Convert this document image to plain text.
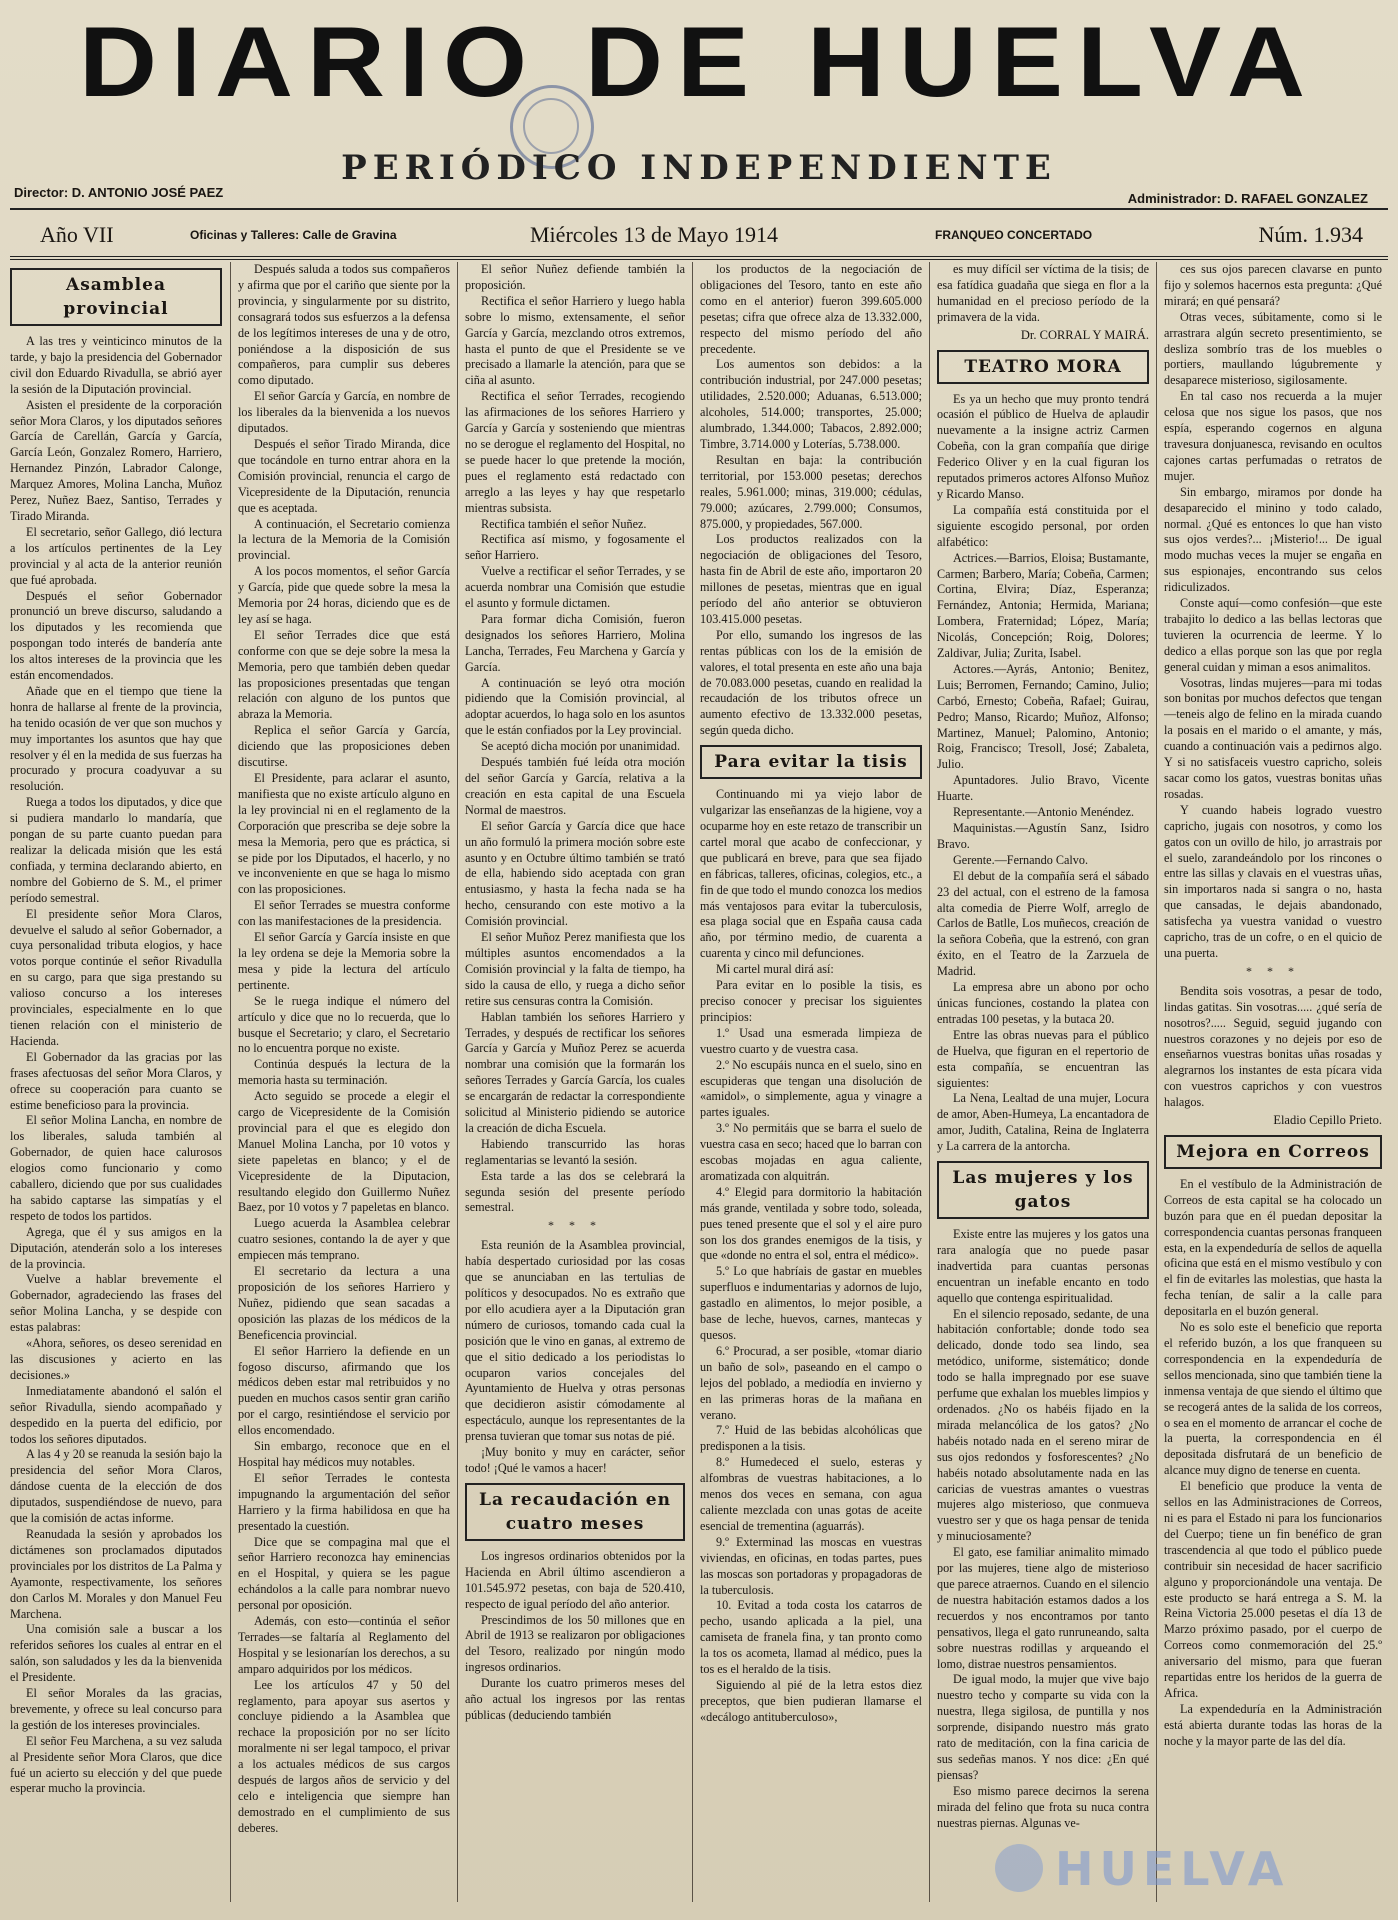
DIARIO DE HUELVA
PERIÓDICO INDEPENDIENTE
Director: D. ANTONIO JOSÉ PAEZ	Administrador: D. RAFAEL GONZALEZ
Año VII	Oficinas y Talleres: Calle de Gravina	Miércoles 13 de Mayo 1914	FRANQUEO CONCERTADO	Núm. 1.934

Asamblea provincial

A las tres y veinticinco minutos de la tarde, y bajo la presidencia del Gobernador civil don Eduardo Rivadulla, se abrió ayer la sesión de la Diputación provincial.

Asisten el presidente de la corporación señor Mora Claros, y los diputados señores García de Carellán, García y García, García León, Gonzalez Romero, Harriero, Hernandez Pinzón, Labrador Calonge, Marquez Amores, Molina Lancha, Muñoz Perez, Nuñez Baez, Santiso, Terrades y Tirado Miranda.

El secretario, señor Gallego, dió lectura a los artículos pertinentes de la Ley provincial y al acta de la anterior reunión que fué aprobada.

Después el señor Gobernador pronunció un breve discurso, saludando a los diputados y les recomienda que pospongan todo interés de bandería ante los altos intereses de la provincia que les están encomendados.

Añade que en el tiempo que tiene la honra de hallarse al frente de la provincia, ha tenido ocasión de ver que son muchos y muy importantes los asuntos que hay que resolver y él en la medida de sus fuerzas ha procurado y procura coadyuvar a su resolución.

Ruega a todos los diputados, y dice que si pudiera mandarlo lo mandaría, que pongan de su parte cuanto puedan para realizar la delicada misión que les está confiada, y termina declarando abierto, en nombre del Gobierno de S. M., el primer período semestral.

El presidente señor Mora Claros, devuelve el saludo al señor Gobernador, a cuya personalidad tributa elogios, y hace votos porque continúe el señor Rivadulla en su cargo, para que siga prestando su valioso concurso a los intereses provinciales, especialmente en lo que tienen relación con el ministerio de Hacienda.

El Gobernador da las gracias por las frases afectuosas del señor Mora Claros, y ofrece su cooperación para cuanto se estime beneficioso para la provincia.

El señor Molina Lancha, en nombre de los liberales, saluda también al Gobernador, de quien hace calurosos elogios como funcionario y como caballero, diciendo que por sus cualidades ha sabido captarse las simpatías y el respeto de todos los partidos.

Agrega, que él y sus amigos en la Diputación, atenderán solo a los intereses de la provincia.

Vuelve a hablar brevemente el Gobernador, agradeciendo las frases del señor Molina Lancha, y se despide con estas palabras:

«Ahora, señores, os deseo serenidad en las discusiones y acierto en las decisiones.»

Inmediatamente abandonó el salón el señor Rivadulla, siendo acompañado y despedido en la puerta del edificio, por todos los señores diputados.

A las 4 y 20 se reanuda la sesión bajo la presidencia del señor Mora Claros, dándose cuenta de la elección de dos diputados, suspendiéndose de nuevo, para que la comisión de actas informe.

Reanudada la sesión y aprobados los dictámenes son proclamados diputados provinciales por los distritos de La Palma y Ayamonte, respectivamente, los señores don Carlos M. Morales y don Manuel Feu Marchena.

Una comisión sale a buscar a los referidos señores los cuales al entrar en el salón, son saludados y les da la bienvenida el Presidente.

El señor Morales da las gracias, brevemente, y ofrece su leal concurso para la gestión de los intereses provinciales.

El señor Feu Marchena, a su vez saluda al Presidente señor Mora Claros, que dice fué un acierto su elección y del que puede esperar mucho la provincia.

Después saluda a todos sus compañeros y afirma que por el cariño que siente por la provincia, y singularmente por su distrito, consagrará todos sus esfuerzos a la defensa de los legítimos intereses de una y de otro, poniéndose a la disposición de sus compañeros, para cumplir sus deberes como diputado.

El señor García y García, en nombre de los liberales da la bienvenida a los nuevos diputados.

Después el señor Tirado Miranda, dice que tocándole en turno entrar ahora en la Comisión provincial, renuncia el cargo de Vicepresidente de la Diputación, renuncia que es aceptada.

A continuación, el Secretario comienza la lectura de la Memoria de la Comisión provincial.

A los pocos momentos, el señor García y García, pide que quede sobre la mesa la Memoria por 24 horas, diciendo que es de ley así se haga.

El señor Terrades dice que está conforme con que se deje sobre la mesa la Memoria, pero que también deben quedar las proposiciones presentadas que tengan relación con alguno de los puntos que abraza la Memoria.

Replica el señor García y García, diciendo que las proposiciones deben discutirse.

El Presidente, para aclarar el asunto, manifiesta que no existe artículo alguno en la ley provincial ni en el reglamento de la Corporación que prescriba se deje sobre la mesa la Memoria, pero que es práctica, si se pide por los Diputados, el hacerlo, y no ve inconveniente en que se haga lo mismo con las proposiciones.

El señor Terrades se muestra conforme con las manifestaciones de la presidencia.

El señor García y García insiste en que la ley ordena se deje la Memoria sobre la mesa y pide la lectura del artículo pertinente.

Se le ruega indique el número del artículo y dice que no lo recuerda, que lo busque el Secretario; y claro, el Secretario no lo encuentra porque no existe.

Continúa después la lectura de la memoria hasta su terminación.

Acto seguido se procede a elegir el cargo de Vicepresidente de la Comisión provincial para el que es elegido don Manuel Molina Lancha, por 10 votos y siete papeletas en blanco; y el de Vicepresidente de la Diputacion, resultando elegido don Guillermo Nuñez Baez, por 10 votos y 7 papeletas en blanco.

Luego acuerda la Asamblea celebrar cuatro sesiones, contando la de ayer y que empiecen más temprano.

El secretario da lectura a una proposición de los señores Harriero y Nuñez, pidiendo que sean sacadas a oposición las plazas de los médicos de la Beneficencia provincial.

El señor Harriero la defiende en un fogoso discurso, afirmando que los médicos deben estar mal retribuidos y no pueden en muchos casos sentir gran cariño por el cargo, resintiéndose el servicio por ellos encomendado.

Sin embargo, reconoce que en el Hospital hay médicos muy notables.

El señor Terrades le contesta impugnando la argumentación del señor Harriero y la firma habilidosa en que ha presentado la cuestión.

Dice que se compagina mal que el señor Harriero reconozca hay eminencias en el Hospital, y quiera se les pague echándolos a la calle para nombrar nuevo personal por oposición.

Además, con esto—continúa el señor Terrades—se faltaría al Reglamento del Hospital y se lesionarían los derechos, a su amparo adquiridos por los médicos.

Lee los artículos 47 y 50 del reglamento, para apoyar sus asertos y concluye pidiendo a la Asamblea que rechace la proposición por no ser lícito moralmente ni ser legal tampoco, el privar a los actuales médicos de sus cargos después de largos años de servicio y del celo e inteligencia que siempre han demostrado en el cumplimiento de sus deberes.

El señor Nuñez defiende también la proposición.

Rectifica el señor Harriero y luego habla sobre lo mismo, extensamente, el señor García y García, mezclando otros extremos, hasta el punto de que el Presidente se ve precisado a llamarle la atención, para que se ciña al asunto.

Rectifica el señor Terrades, recogiendo las afirmaciones de los señores Harriero y García y García y sosteniendo que mientras no se derogue el reglamento del Hospital, no se puede hacer lo que pretende la moción, pues el reglamento está redactado con arreglo a las leyes y hay que respetarlo mientras subsista.

Rectifica también el señor Nuñez.

Rectifica así mismo, y fogosamente el señor Harriero.

Vuelve a rectificar el señor Terrades, y se acuerda nombrar una Comisión que estudie el asunto y formule dictamen.

Para formar dicha Comisión, fueron designados los señores Harriero, Molina Lancha, Terrades, Feu Marchena y García y García.

A continuación se leyó otra moción pidiendo que la Comisión provincial, al adoptar acuerdos, lo haga solo en los asuntos que le están confiados por la Ley provincial.

Se aceptó dicha moción por unanimidad.

Después también fué leída otra moción del señor García y García, relativa a la creación en esta capital de una Escuela Normal de maestros.

El señor García y García dice que hace un año formuló la primera moción sobre este asunto y en Octubre último también se trató de ella, habiendo sido aceptada con gran entusiasmo, y hasta la fecha nada se ha hecho, censurando con este motivo a la Comisión provincial.

El señor Muñoz Perez manifiesta que los múltiples asuntos encomendados a la Comisión provincial y la falta de tiempo, ha sido la causa de ello, y ruega a dicho señor retire sus censuras contra la Comisión.

Hablan también los señores Harriero y Terrades, y después de rectificar los señores García y García y Muñoz Perez se acuerda nombrar una comisión que la formarán los señores Terrades y García García, los cuales se encargarán de redactar la correspondiente solicitud al Ministerio pidiendo se autorice la creación de dicha Escuela.

Habiendo transcurrido las horas reglamentarias se levantó la sesión.

Esta tarde a las dos se celebrará la segunda sesión del presente período semestral.

* * *

Esta reunión de la Asamblea provincial, había despertado curiosidad por las cosas que se anunciaban en las tertulias de políticos y desocupados. No es extraño que por ello acudiera ayer a la Diputación gran número de curiosos, tomando cada cual la posición que le vino en ganas, al extremo de que el sitio dedicado a los periodistas lo ocuparon varios concejales del Ayuntamiento de Huelva y otras personas que decidieron asistir cómodamente al espectáculo, aunque los representantes de la prensa tuvieran que tomar sus notas de pié.

¡Muy bonito y muy en carácter, señor todo! ¡Qué le vamos a hacer!

La recaudación en cuatro meses

Los ingresos ordinarios obtenidos por la Hacienda en Abril último ascendieron a 101.545.972 pesetas, con baja de 520.410, respecto de igual período del año anterior.

Prescindimos de los 50 millones que en Abril de 1913 se realizaron por obligaciones del Tesoro, realizado por ningún modo ingresos ordinarios.

Durante los cuatro primeros meses del año actual los ingresos por las rentas públicas (deduciendo también

los productos de la negociación de obligaciones del Tesoro, tanto en este año como en el anterior) fueron 399.605.000 pesetas; cifra que ofrece alza de 13.332.000, respecto del mismo período del año precedente.

Los aumentos son debidos: a la contribución industrial, por 247.000 pesetas; utilidades, 2.520.000; Aduanas, 6.513.000; alcoholes, 514.000; transportes, 25.000; alumbrado, 1.344.000; Tabacos, 2.892.000; Timbre, 3.714.000 y Loterías, 5.738.000.

Resultan en baja: la contribución territorial, por 153.000 pesetas; derechos reales, 5.961.000; minas, 319.000; cédulas, 79.000; azúcares, 2.799.000; Consumos, 875.000, y propiedades, 567.000.

Los productos realizados con la negociación de obligaciones del Tesoro, hasta fin de Abril de este año, importaron 20 millones de pesetas, mientras que en igual período del año anterior se obtuvieron 103.415.000 pesetas.

Por ello, sumando los ingresos de las rentas públicas con los de la emisión de valores, el total presenta en este año una baja de 70.083.000 pesetas, cuando en realidad la recaudación de los tributos ofrece un aumento efectivo de 13.332.000 pesetas, según queda dicho.

Para evitar la tisis

Continuando mi ya viejo labor de vulgarizar las enseñanzas de la higiene, voy a ocuparme hoy en este retazo de transcribir un cartel moral que acabo de confeccionar, y que publicará en breve, para que sea fijado en fábricas, talleres, oficinas, colegios, etc., a fin de que todo el mundo conozca los medios más ventajosos para evitar la tuberculosis, esa plaga social que en España causa cada año, por término medio, de cuarenta a cuarenta y cinco mil defunciones.

Mi cartel mural dirá así:

Para evitar en lo posible la tisis, es preciso conocer y precisar los siguientes principios:

1.º Usad una esmerada limpieza de vuestro cuarto y de vuestra casa.

2.º No escupáis nunca en el suelo, sino en escupideras que tengan una disolución de «amidol», o simplemente, agua y vinagre a partes iguales.

3.º No permitáis que se barra el suelo de vuestra casa en seco; haced que lo barran con escobas mojadas en agua caliente, aromatizada con alquitrán.

4.º Elegid para dormitorio la habitación más grande, ventilada y sobre todo, soleada, pues tened presente que el sol y el aire puro son los dos grandes enemigos de la tisis, y que «donde no entra el sol, entra el médico».

5.º Lo que habríais de gastar en muebles superfluos e indumentarias y adornos de lujo, gastadlo en alimentos, lo mejor posible, a base de leche, huevos, carnes, mantecas y quesos.

6.º Procurad, a ser posible, «tomar diario un baño de sol», paseando en el campo o lejos del poblado, a mediodía en invierno y en las primeras horas de la mañana en verano.

7.º Huid de las bebidas alcohólicas que predisponen a la tisis.

8.º Humedeced el suelo, esteras y alfombras de vuestras habitaciones, a lo menos dos veces en semana, con agua caliente mezclada con unas gotas de aceite esencial de trementina (aguarrás).

9.º Exterminad las moscas en vuestras viviendas, en oficinas, en todas partes, pues las moscas son portadoras y propagadoras de la tuberculosis.

10. Evitad a toda costa los catarros de pecho, usando aplicada a la piel, una camiseta de franela fina, y tan pronto como la tos os acometa, llamad al médico, pues la tos es el heraldo de la tisis.

Siguiendo al pié de la letra estos diez preceptos, que bien pudieran llamarse el «decálogo antituberculoso»,

es muy difícil ser víctima de la tisis; de esa fatídica guadaña que siega en flor a la humanidad en el precioso período de la primavera de la vida.

Dr. CORRAL Y MAIRÁ.

TEATRO MORA

Es ya un hecho que muy pronto tendrá ocasión el público de Huelva de aplaudir nuevamente a la insigne actriz Carmen Cobeña, con la gran compañía que dirige Federico Oliver y en la cual figuran los reputados primeros actores Alfonso Muñoz y Ricardo Manso.

La compañía está constituida por el siguiente escogido personal, por orden alfabético:

Actrices.—Barrios, Eloisa; Bustamante, Carmen; Barbero, María; Cobeña, Carmen; Cortina, Elvira; Díaz, Esperanza; Fernández, Antonia; Hermida, Mariana; Lombera, Fraternidad; López, María; Nicolás, Concepción; Roig, Dolores; Zaldivar, Julia; Zurita, Isabel.

Actores.—Ayrás, Antonio; Benitez, Luis; Berromen, Fernando; Camino, Julio; Carbó, Ernesto; Cobeña, Rafael; Guirau, Pedro; Manso, Ricardo; Muñoz, Alfonso; Martinez, Manuel; Palomino, Antonio; Roig, Francisco; Tresoll, José; Zabaleta, Julio.

Apuntadores. Julio Bravo, Vicente Huarte.

Representante.—Antonio Menéndez.

Maquinistas.—Agustín Sanz, Isidro Bravo.

Gerente.—Fernando Calvo.

El debut de la compañía será el sábado 23 del actual, con el estreno de la famosa alta comedia de Pierre Wolf, arreglo de Carlos de Batlle, Los muñecos, creación de la señora Cobeña, que la estrenó, con gran éxito, en el Teatro de la Zarzuela de Madrid.

La empresa abre un abono por ocho únicas funciones, costando la platea con entradas 100 pesetas, y la butaca 20.

Entre las obras nuevas para el público de Huelva, que figuran en el repertorio de esta compañía, se encuentran las siguientes:

La Nena, Lealtad de una mujer, Locura de amor, Aben-Humeya, La encantadora de amor, Judith, Catalina, Reina de Inglaterra y La carrera de la antorcha.

Las mujeres y los gatos

Existe entre las mujeres y los gatos una rara analogía que no puede pasar inadvertida para cuantas personas encuentran un inefable encanto en todo aquello que contenga espiritualidad.

En el silencio reposado, sedante, de una habitación confortable; donde todo sea delicado, donde todo sea lindo, sea metódico, uniforme, sistemático; donde todo se halla impregnado por ese suave perfume que exhalan los muebles limpios y ordenados. ¿No os habéis fijado en la mirada melancólica de los gatos? ¿No habéis notado nada en el sereno mirar de sus ojos redondos y fosforescentes? ¿No habéis notado absolutamente nada en las caricias de vuestras amantes o vuestras mujeres algo misterioso, que conmueva vuestro ser y que os haga pensar de tenida y minuciosamente?

El gato, ese familiar animalito mimado por las mujeres, tiene algo de misterioso que parece atraernos. Cuando en el silencio de nuestra habitación estamos dados a los recuerdos y nos encontramos por tanto pensativos, llega el gato runruneando, salta sobre nuestras rodillas y arqueando el lomo, distrae nuestros pensamientos.

De igual modo, la mujer que vive bajo nuestro techo y comparte su vida con la nuestra, llega sigilosa, de puntilla y nos sorprende, disipando nuestro más grato rato de meditación, con la fina caricia de sus sedeñas manos. Y nos dice: ¿En qué piensas?

Eso mismo parece decirnos la serena mirada del felino que frota su nuca contra nuestras piernas. Algunas ve-

ces sus ojos parecen clavarse en punto fijo y solemos hacernos esta pregunta: ¿Qué mirará; en qué pensará?

Otras veces, súbitamente, como si le arrastrara algún secreto presentimiento, se desliza sombrío tras de los muebles o portiers, maullando lúgubremente y desaparece misterioso, sigilosamente.

En tal caso nos recuerda a la mujer celosa que nos sigue los pasos, que nos espía, esperando cogernos en alguna travesura donjuanesca, revisando en ocultos cajones cartas perfumadas o retratos de mujer.

Sin embargo, miramos por donde ha desaparecido el minino y todo calado, normal. ¿Qué es entonces lo que han visto sus ojos verdes?... ¡Misterio!... De igual modo muchas veces la mujer se engaña en sus espionajes, encontrando sus celos ridiculizados.

Conste aquí—como confesión—que este trabajito lo dedico a las bellas lectoras que tuvieren la ocurrencia de leerme. Y lo dedico a ellas porque son las que por regla general cuidan y miman a esos animalitos.

Vosotras, lindas mujeres—para mi todas son bonitas por muchos defectos que tengan—teneis algo de felino en la mirada cuando la posais en el marido o el amante, y más, cuando a continuación vais a pedirnos algo. Y si no satisfaceis vuestro capricho, soleis sacar como los gatos, vuestras bonitas uñas rosadas.

Y cuando habeis logrado vuestro capricho, jugais con nosotros, y como los gatos con un ovillo de hilo, jo arrastrais por el suelo, zarandeándolo por los rincones o entre las sillas y clavais en el vuestras uñas, sin importaros nada si sangra o no, hasta que cansadas, le dejais abandonado, satisfecha ya vuestra vanidad o vuestro capricho, tras de un cofre, o en el quicio de una puerta.

* * *

Bendita sois vosotras, a pesar de todo, lindas gatitas. Sin vosotras..... ¿qué sería de nosotros?..... Seguid, seguid jugando con nuestros corazones y no dejeis por eso de enseñarnos vuestras bonitas uñas rosadas y alegrarnos los instantes de esta pícara vida con vuestros caprichos y con vuestros halagos.

Eladio Cepillo Prieto.

Mejora en Correos

En el vestíbulo de la Administración de Correos de esta capital se ha colocado un buzón para que en él puedan depositar la correspondencia cuantas personas franqueen esta, en la expendeduría de sellos de aquella oficina que está en el mismo vestíbulo y con el fin de evitarles las molestias, que hasta la fecha tenían, de salir a la calle para depositarla en el buzón general.

No es solo este el beneficio que reporta el referido buzón, a los que franqueen su correspondencia en la expendeduría de sellos mencionada, sino que también tiene la inmensa ventaja de que siendo el último que se recogerá antes de la salida de los correos, o sea en el momento de arrancar el coche de la puerta, la correspondencia en él depositada disfrutará de un beneficio de alcance muy digno de tenerse en cuenta.

El beneficio que produce la venta de sellos en las Administraciones de Correos, ni es para el Estado ni para los funcionarios del Cuerpo; tiene un fin benéfico de gran trascendencia al que todo el público puede contribuir sin necesidad de hacer sacrificio alguno y proporcionándole una ventaja. De este producto se hará entrega a S. M. la Reina Victoria 25.000 pesetas el día 13 de Marzo próximo pasado, por el cuerpo de Correos como conmemoración del 25.º aniversario del mismo, para que fueran repartidas entre los heridos de la guerra de Africa.

La expendeduría en la Administración está abierta durante todas las horas de la noche y la mayor parte de las del día.

HUELVA
